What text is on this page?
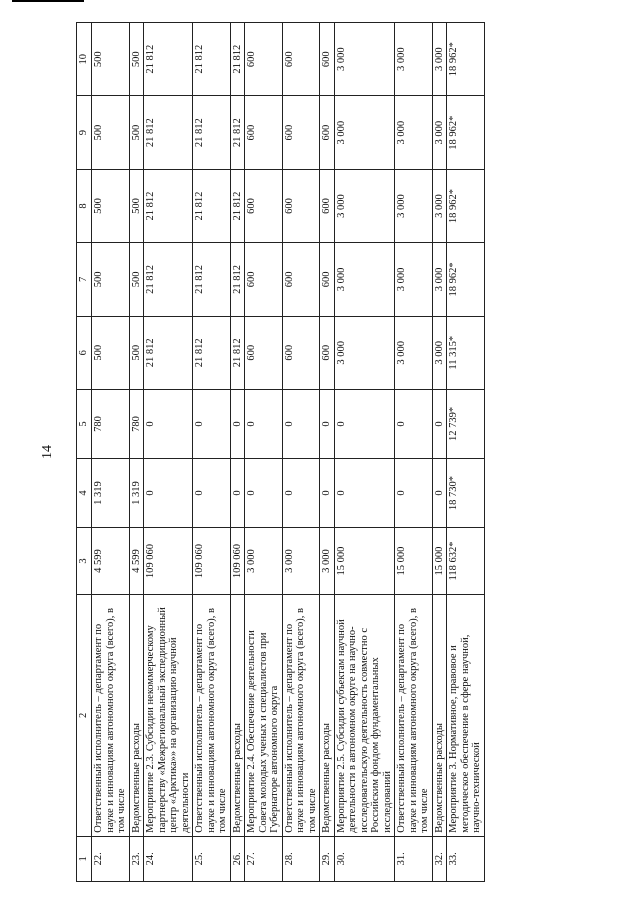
14
1	2	3	4	5	6	7	8	9	10
22.	Ответственный исполнитель – департамент по науке и инновациям автономного округа (всего), в том числе	4 599	1 319	780	500	500	500	500	500
23.	Ведомственные расходы	4 599	1 319	780	500	500	500	500	500
24.	Мероприятие 2.3. Субсидии некоммерческому партнерству «Межрегиональный экспедиционный центр «Арктика»» на организацию научной деятельности	109 060	0	0	21 812	21 812	21 812	21 812	21 812
25.	Ответственный исполнитель – департамент по науке и инновациям автономного округа (всего), в том числе	109 060	0	0	21 812	21 812	21 812	21 812	21 812
26.	Ведомственные расходы	109 060	0	0	21 812	21 812	21 812	21 812	21 812
27.	Мероприятие 2.4. Обеспечение деятельности Совета молодых ученых и специалистов при Губернаторе автономного округа	3 000	0	0	600	600	600	600	600
28.	Ответственный исполнитель – департамент по науке и инновациям автономного округа (всего), в том числе	3 000	0	0	600	600	600	600	600
29.	Ведомственные расходы	3 000	0	0	600	600	600	600	600
30.	Мероприятие 2.5. Субсидии субъектам научной деятельности в автономном округе на научно-исследовательскую деятельность совместно с Российским фондом фундаментальных исследований	15 000	0	0	3 000	3 000	3 000	3 000	3 000
31.	Ответственный исполнитель – департамент по науке и инновациям автономного округа (всего), в том числе	15 000	0	0	3 000	3 000	3 000	3 000	3 000
32.	Ведомственные расходы	15 000	0	0	3 000	3 000	3 000	3 000	3 000
33.	Мероприятие 3. Нормативное, правовое и методическое обеспечение в сфере научной, научно-технической	118 632*	18 730*	12 739*	11 315*	18 962*	18 962*	18 962*	18 962*
